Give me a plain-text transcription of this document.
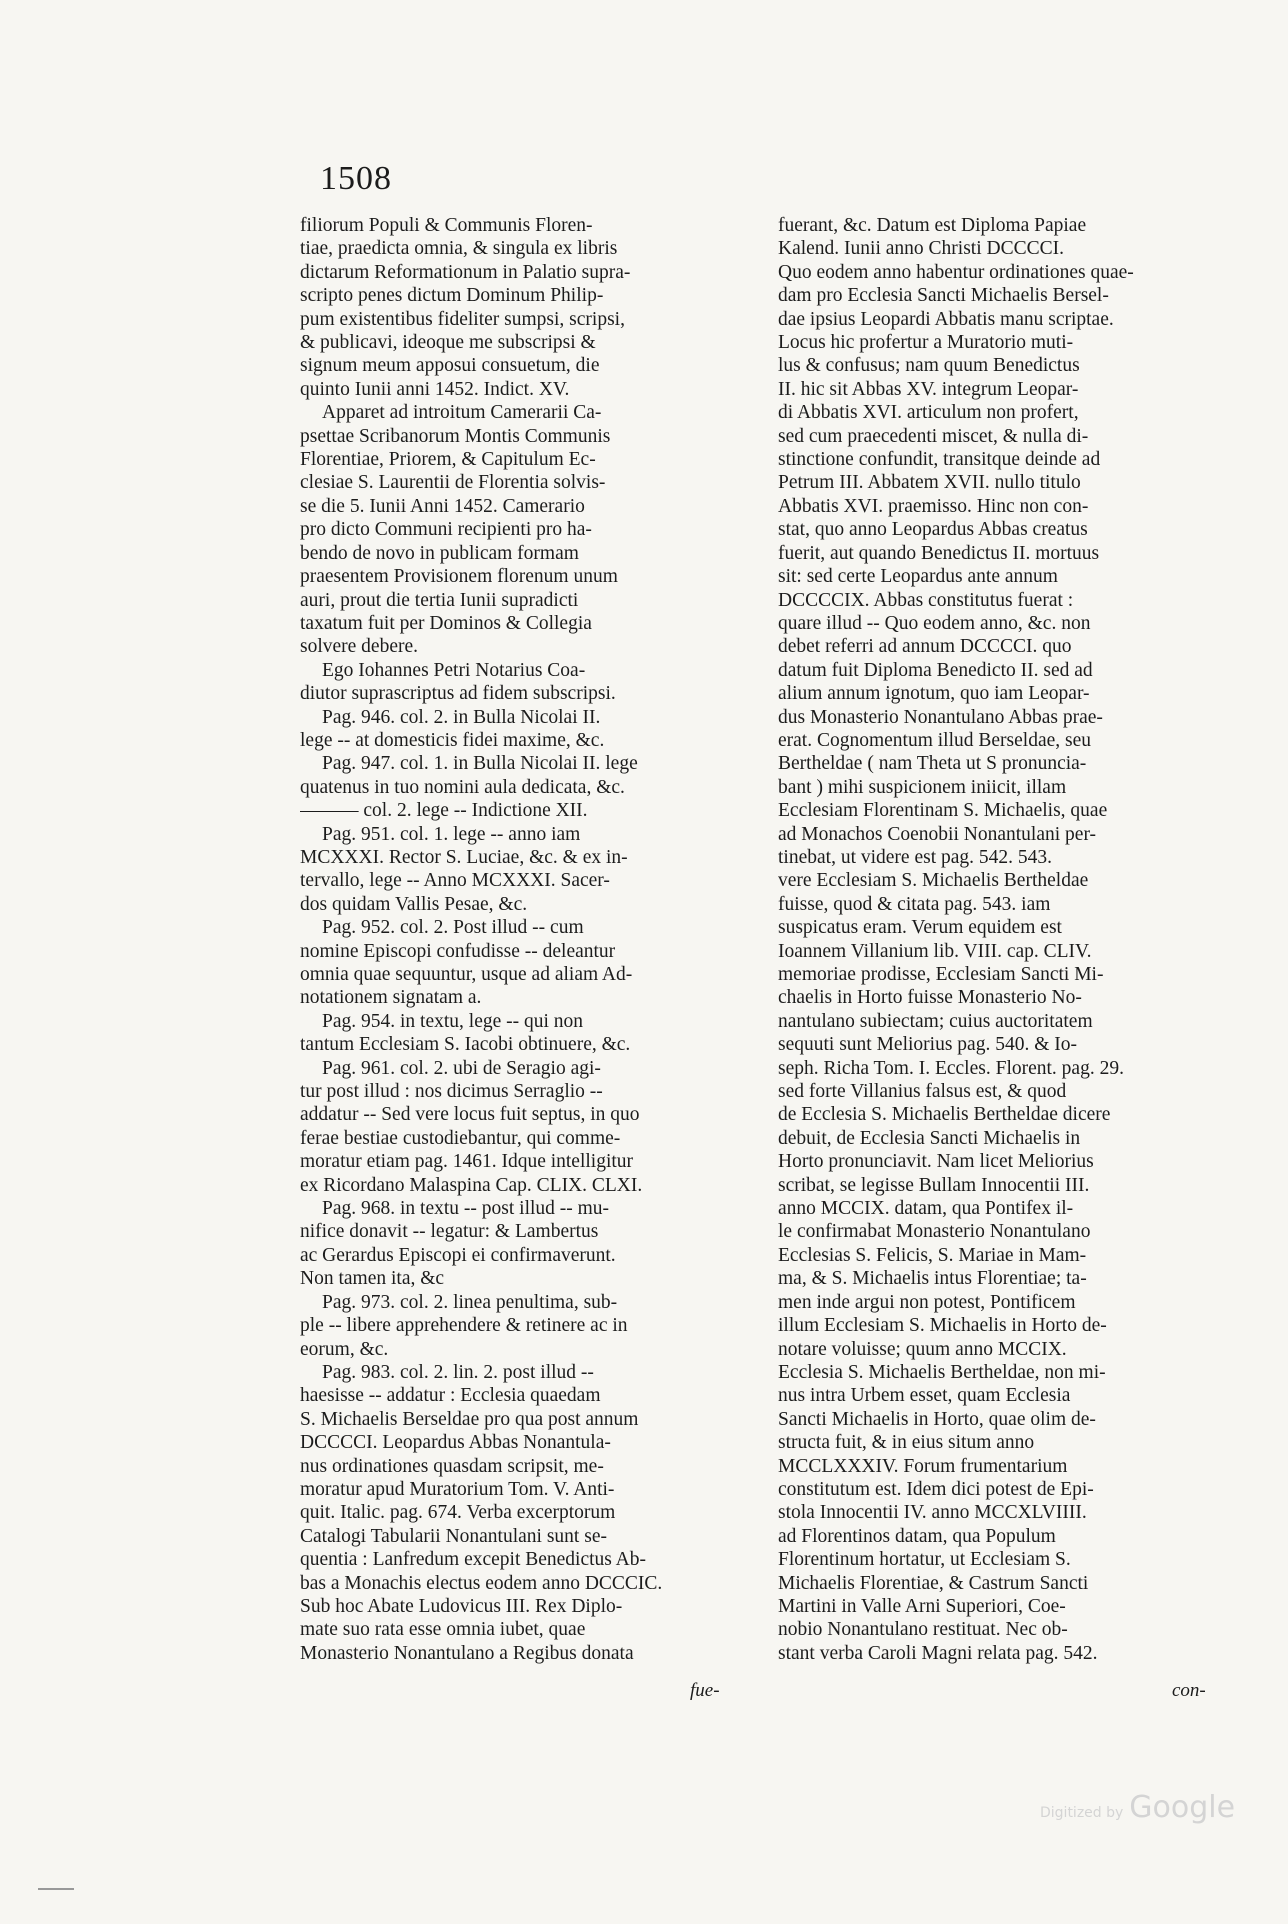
1508
filiorum Populi & Communis Floren-
tiae, praedicta omnia, & singula ex libris
dictarum Reformationum in Palatio supra-
scripto penes dictum Dominum Philip-
pum existentibus fideliter sumpsi, scripsi,
& publicavi, ideoque me subscripsi &
signum meum apposui consuetum, die
quinto Iunii anni 1452. Indict. XV.
Apparet ad introitum Camerarii Ca-
psettae Scribanorum Montis Communis
Florentiae, Priorem, & Capitulum Ec-
clesiae S. Laurentii de Florentia solvis-
se die 5. Iunii Anni 1452. Camerario
pro dicto Communi recipienti pro ha-
bendo de novo in publicam formam
praesentem Provisionem florenum unum
auri, prout die tertia Iunii supradicti
taxatum fuit per Dominos & Collegia
solvere debere.
Ego Iohannes Petri Notarius Coa-
diutor suprascriptus ad fidem subscripsi.
Pag. 946. col. 2. in Bulla Nicolai II.
lege -- at domesticis fidei maxime, &c.
Pag. 947. col. 1. in Bulla Nicolai II. lege
quatenus in tuo nomini aula dedicata, &c.
——— col. 2. lege -- Indictione XII.
Pag. 951. col. 1. lege -- anno iam
MCXXXI. Rector S. Luciae, &c. & ex in-
tervallo, lege -- Anno MCXXXI. Sacer-
dos quidam Vallis Pesae, &c.
Pag. 952. col. 2. Post illud -- cum
nomine Episcopi confudisse -- deleantur
omnia quae sequuntur, usque ad aliam Ad-
notationem signatam a.
Pag. 954. in textu, lege -- qui non
tantum Ecclesiam S. Iacobi obtinuere, &c.
Pag. 961. col. 2. ubi de Seragio agi-
tur post illud : nos dicimus Serraglio --
addatur -- Sed vere locus fuit septus, in quo
ferae bestiae custodiebantur, qui comme-
moratur etiam pag. 1461. Idque intelligitur
ex Ricordano Malaspina Cap. CLIX. CLXI.
Pag. 968. in textu -- post illud -- mu-
nifice donavit -- legatur: & Lambertus
ac Gerardus Episcopi ei confirmaverunt.
Non tamen ita, &c
Pag. 973. col. 2. linea penultima, sub-
ple -- libere apprehendere & retinere ac in
eorum, &c.
Pag. 983. col. 2. lin. 2. post illud --
haesisse -- addatur : Ecclesia quaedam
S. Michaelis Berseldae pro qua post annum
DCCCCI. Leopardus Abbas Nonantula-
nus ordinationes quasdam scripsit, me-
moratur apud Muratorium Tom. V. Anti-
quit. Italic. pag. 674. Verba excerptorum
Catalogi Tabularii Nonantulani sunt se-
quentia : Lanfredum excepit Benedictus Ab-
bas a Monachis electus eodem anno DCCCIC.
Sub hoc Abate Ludovicus III. Rex Diplo-
mate suo rata esse omnia iubet, quae
Monasterio Nonantulano a Regibus donata
fuerant, &c. Datum est Diploma Papiae
Kalend. Iunii anno Christi DCCCCI.
Quo eodem anno habentur ordinationes quae-
dam pro Ecclesia Sancti Michaelis Bersel-
dae ipsius Leopardi Abbatis manu scriptae.
Locus hic profertur a Muratorio muti-
lus & confusus; nam quum Benedictus
II. hic sit Abbas XV. integrum Leopar-
di Abbatis XVI. articulum non profert,
sed cum praecedenti miscet, & nulla di-
stinctione confundit, transitque deinde ad
Petrum III. Abbatem XVII. nullo titulo
Abbatis XVI. praemisso. Hinc non con-
stat, quo anno Leopardus Abbas creatus
fuerit, aut quando Benedictus II. mortuus
sit: sed certe Leopardus ante annum
DCCCCIX. Abbas constitutus fuerat :
quare illud -- Quo eodem anno, &c. non
debet referri ad annum DCCCCI. quo
datum fuit Diploma Benedicto II. sed ad
alium annum ignotum, quo iam Leopar-
dus Monasterio Nonantulano Abbas prae-
erat. Cognomentum illud Berseldae, seu
Bertheldae ( nam Theta ut S pronuncia-
bant ) mihi suspicionem iniicit, illam
Ecclesiam Florentinam S. Michaelis, quae
ad Monachos Coenobii Nonantulani per-
tinebat, ut videre est pag. 542. 543.
vere Ecclesiam S. Michaelis Bertheldae
fuisse, quod & citata pag. 543. iam
suspicatus eram. Verum equidem est
Ioannem Villanium lib. VIII. cap. CLIV.
memoriae prodisse, Ecclesiam Sancti Mi-
chaelis in Horto fuisse Monasterio No-
nantulano subiectam; cuius auctoritatem
sequuti sunt Meliorius pag. 540. & Io-
seph. Richa Tom. I. Eccles. Florent. pag. 29.
sed forte Villanius falsus est, & quod
de Ecclesia S. Michaelis Bertheldae dicere
debuit, de Ecclesia Sancti Michaelis in
Horto pronunciavit. Nam licet Meliorius
scribat, se legisse Bullam Innocentii III.
anno MCCIX. datam, qua Pontifex il-
le confirmabat Monasterio Nonantulano
Ecclesias S. Felicis, S. Mariae in Mam-
ma, & S. Michaelis intus Florentiae; ta-
men inde argui non potest, Pontificem
illum Ecclesiam S. Michaelis in Horto de-
notare voluisse; quum anno MCCIX.
Ecclesia S. Michaelis Bertheldae, non mi-
nus intra Urbem esset, quam Ecclesia
Sancti Michaelis in Horto, quae olim de-
structa fuit, & in eius situm anno
MCCLXXXIV. Forum frumentarium
constitutum est. Idem dici potest de Epi-
stola Innocentii IV. anno MCCXLVIIII.
ad Florentinos datam, qua Populum
Florentinum hortatur, ut Ecclesiam S.
Michaelis Florentiae, & Castrum Sancti
Martini in Valle Arni Superiori, Coe-
nobio Nonantulano restituat. Nec ob-
stant verba Caroli Magni relata pag. 542.
fue-	con-
Digitized by Google
